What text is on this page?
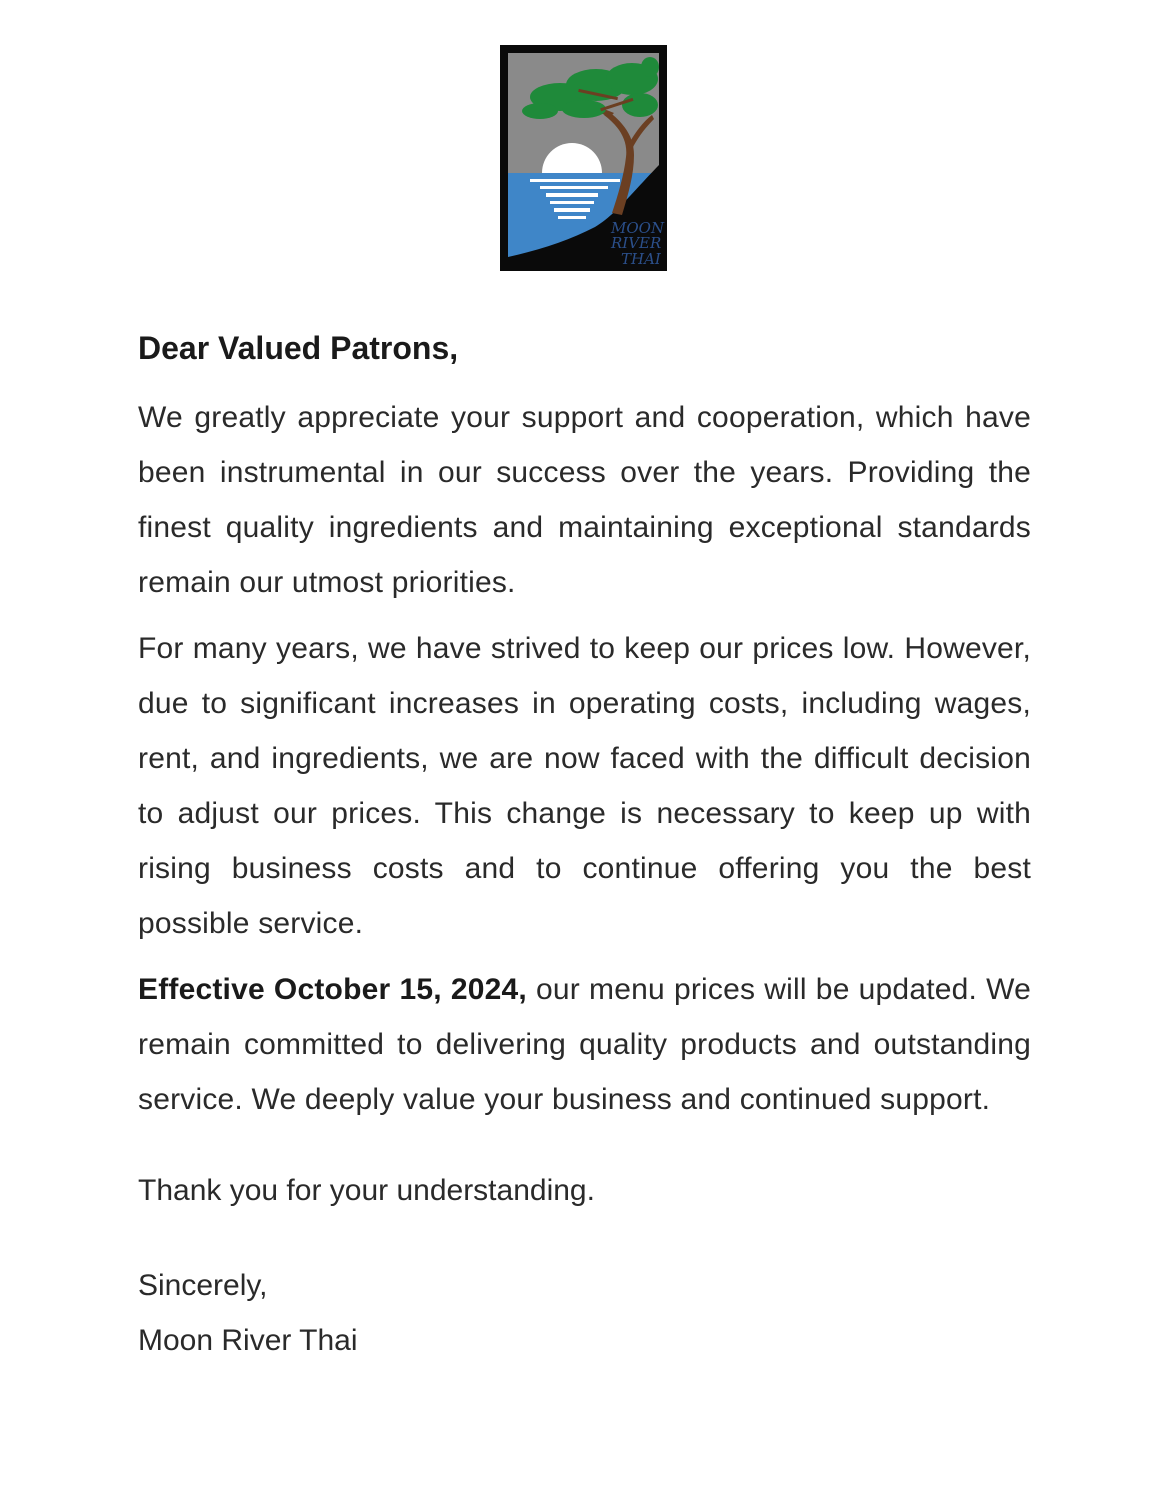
MOON
RIVER
THAI

Dear Valued Patrons,

We greatly appreciate your support and cooperation, which have been instrumental in our success over the years. Providing the finest quality ingredients and maintaining exceptional standards remain our utmost priorities.

For many years, we have strived to keep our prices low. However, due to significant increases in operating costs, including wages, rent, and ingredients, we are now faced with the difficult decision to adjust our prices. This change is necessary to keep up with rising business costs and to continue offering you the best possible service.

Effective October 15, 2024, our menu prices will be updated. We remain committed to delivering quality products and outstanding service. We deeply value your business and continued support.

Thank you for your understanding.

Sincerely,

Moon River Thai
